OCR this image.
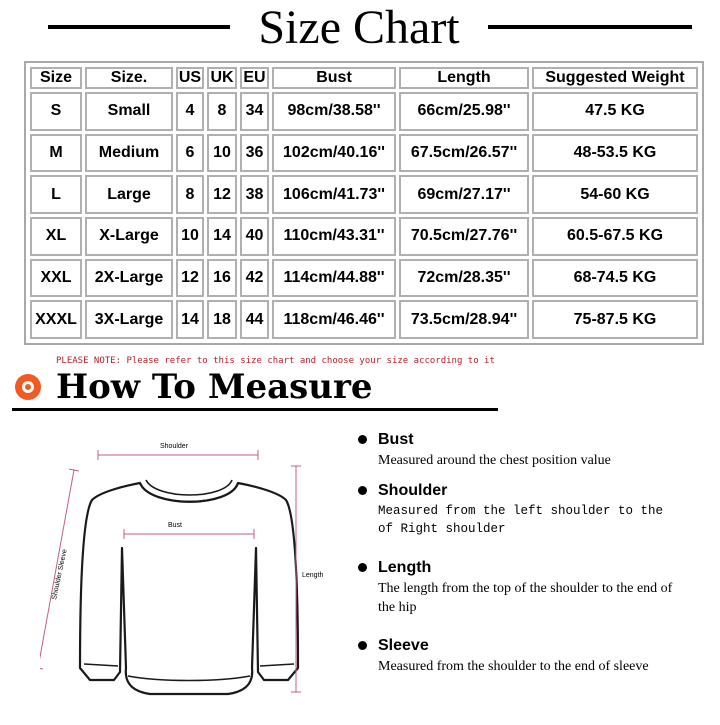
Size Chart
Size	Size.	US	UK	EU	Bust	Length	Suggested Weight
S	Small	4	8	34	98cm/38.58''	66cm/25.98''	47.5 KG
M	Medium	6	10	36	102cm/40.16''	67.5cm/26.57''	48-53.5 KG
L	Large	8	12	38	106cm/41.73''	69cm/27.17''	54-60 KG
XL	X-Large	10	14	40	110cm/43.31''	70.5cm/27.76''	60.5-67.5 KG
XXL	2X-Large	12	16	42	114cm/44.88''	72cm/28.35''	68-74.5 KG
XXXL	3X-Large	14	18	44	118cm/46.46''	73.5cm/28.94''	75-87.5 KG
PLEASE NOTE: Please refer to this size chart and choose your size according to it
How To Measure
Shoulder
Bust
Length
Shoulder Sleeve
Bust
Measured around the chest position value
Shoulder
Measured from the left shoulder to the of Right shoulder
Length
The length from the top of the shoulder to the end of the hip
Sleeve
Measured from the shoulder to the end of sleeve
